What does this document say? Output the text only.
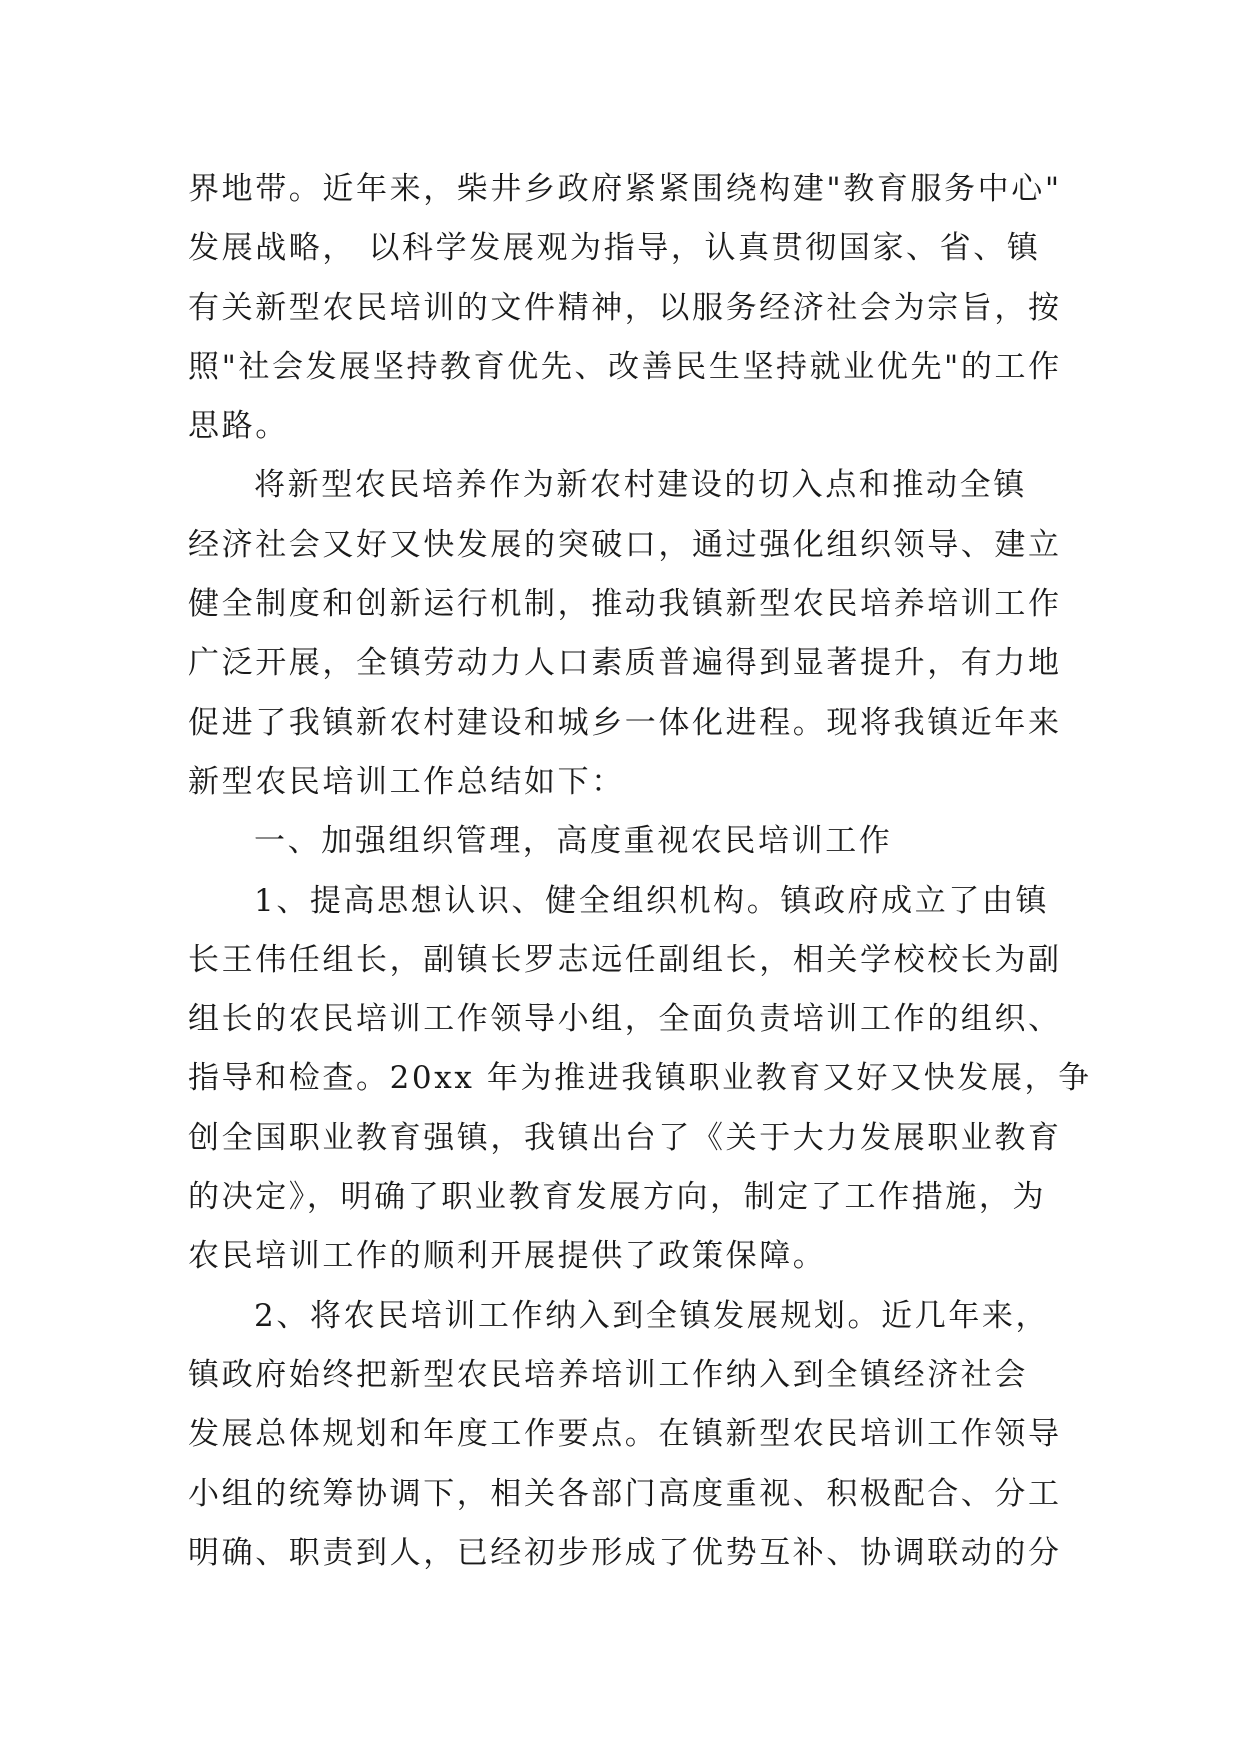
界地带。近年来，柴井乡政府紧紧围绕构建"教育服务中心"
发展战略， 以科学发展观为指导，认真贯彻国家、省、镇
有关新型农民培训的文件精神，以服务经济社会为宗旨，按
照"社会发展坚持教育优先、改善民生坚持就业优先"的工作
思路。
将新型农民培养作为新农村建设的切入点和推动全镇
经济社会又好又快发展的突破口，通过强化组织领导、建立
健全制度和创新运行机制，推动我镇新型农民培养培训工作
广泛开展，全镇劳动力人口素质普遍得到显著提升，有力地
促进了我镇新农村建设和城乡一体化进程。现将我镇近年来
新型农民培训工作总结如下：
一、加强组织管理，高度重视农民培训工作
1、提高思想认识、健全组织机构。镇政府成立了由镇
长王伟任组长，副镇长罗志远任副组长，相关学校校长为副
组长的农民培训工作领导小组，全面负责培训工作的组织、
指导和检查。20xx 年为推进我镇职业教育又好又快发展，争
创全国职业教育强镇，我镇出台了《关于大力发展职业教育
的决定》，明确了职业教育发展方向，制定了工作措施，为
农民培训工作的顺利开展提供了政策保障。
2、将农民培训工作纳入到全镇发展规划。近几年来，
镇政府始终把新型农民培养培训工作纳入到全镇经济社会
发展总体规划和年度工作要点。在镇新型农民培训工作领导
小组的统筹协调下，相关各部门高度重视、积极配合、分工
明确、职责到人，已经初步形成了优势互补、协调联动的分
